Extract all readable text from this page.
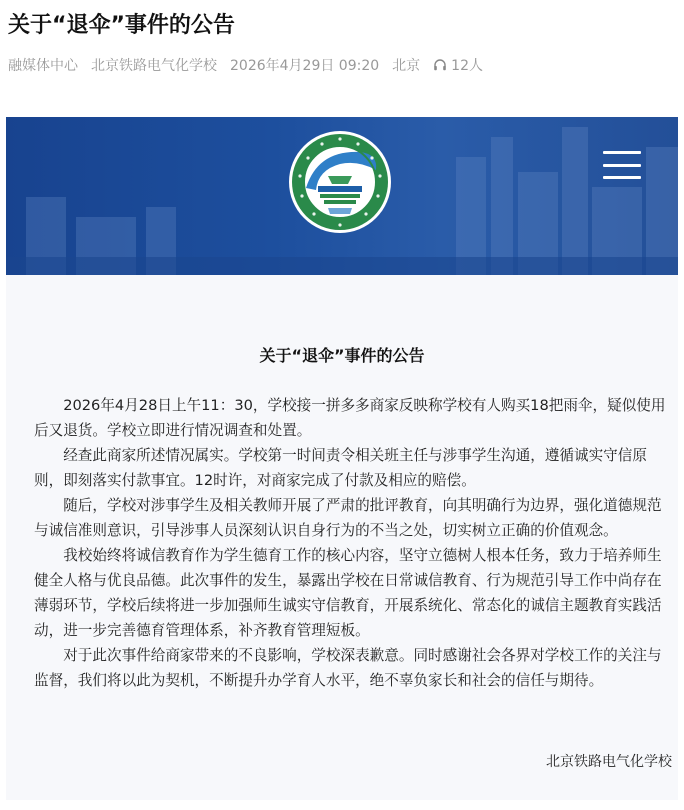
关于“退伞”事件的公告
融媒体中心 北京铁路电气化学校 2026年4月29日 09:20 北京 12人
关于“退伞”事件的公告

2026年4月28日上午11：30，学校接一拼多多商家反映称学校有人购买18把雨伞，疑似使用后又退货。学校立即进行情况调查和处置。

经查此商家所述情况属实。学校第一时间责令相关班主任与涉事学生沟通，遵循诚实守信原则，即刻落实付款事宜。12时许，对商家完成了付款及相应的赔偿。

随后，学校对涉事学生及相关教师开展了严肃的批评教育，向其明确行为边界，强化道德规范与诚信准则意识，引导涉事人员深刻认识自身行为的不当之处，切实树立正确的价值观念。

我校始终将诚信教育作为学生德育工作的核心内容，坚守立德树人根本任务，致力于培养师生健全人格与优良品德。此次事件的发生，暴露出学校在日常诚信教育、行为规范引导工作中尚存在薄弱环节，学校后续将进一步加强师生诚实守信教育，开展系统化、常态化的诚信主题教育实践活动，进一步完善德育管理体系，补齐教育管理短板。

对于此次事件给商家带来的不良影响，学校深表歉意。同时感谢社会各界对学校工作的关注与监督，我们将以此为契机，不断提升办学育人水平，绝不辜负家长和社会的信任与期待。

北京铁路电气化学校
